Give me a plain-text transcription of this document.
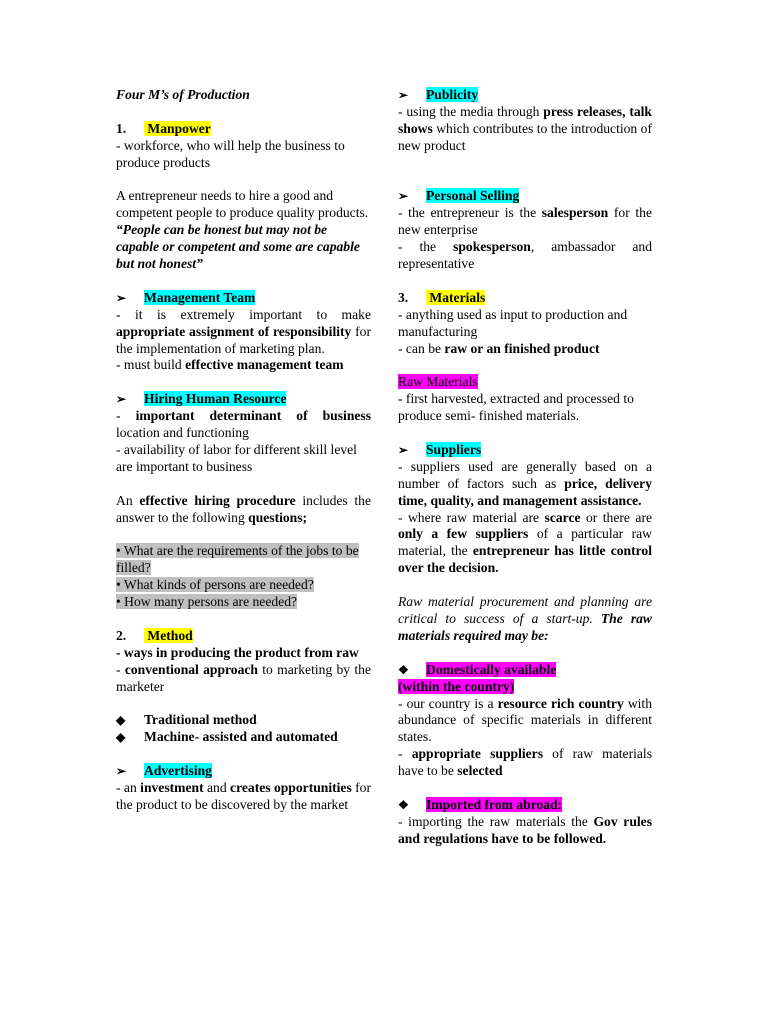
Four M’s of Production

1. Manpower

- workforce, who will help the business to produce products

A entrepreneur needs to hire a good and competent people to produce quality products.

“People can be honest but may not be capable or competent and some are capable but not honest”

➢ Management Team

- it is extremely important to make appropriate assignment of responsibility for the implementation of marketing plan.

- must build effective management team

➢ Hiring Human Resource

- important determinant of business location and functioning

- availability of labor for different skill level are important to business

An effective hiring procedure includes the answer to the following questions;

• What are the requirements of the jobs to be filled?

• What kinds of persons are needed?

• How many persons are needed?

2. Method

- ways in producing the product from raw

- conventional approach to marketing by the marketer

◆ Traditional method

◆ Machine- assisted and automated

➢ Advertising

- an investment and creates opportunities for the product to be discovered by the market

➢ Publicity

- using the media through press releases, talk shows which contributes to the introduction of new product

➢ Personal Selling

- the entrepreneur is the salesperson for the new enterprise

- the spokesperson, ambassador and representative

3. Materials

- anything used as input to production and manufacturing

- can be raw or an finished product

Raw Materials

- first harvested, extracted and processed to produce semi- finished materials.

➢ Suppliers

- suppliers used are generally based on a number of factors such as price, delivery time, quality, and management assistance.

- where raw material are scarce or there are only a few suppliers of a particular raw material, the entrepreneur has little control over the decision.

Raw material procurement and planning are critical to success of a start-up. The raw materials required may be:

❖ Domestically available
(within the country)

- our country is a resource rich country with abundance of specific materials in different states.

- appropriate suppliers of raw materials have to be selected

❖ Imported from abroad:

- importing the raw materials the Gov rules and regulations have to be followed.
